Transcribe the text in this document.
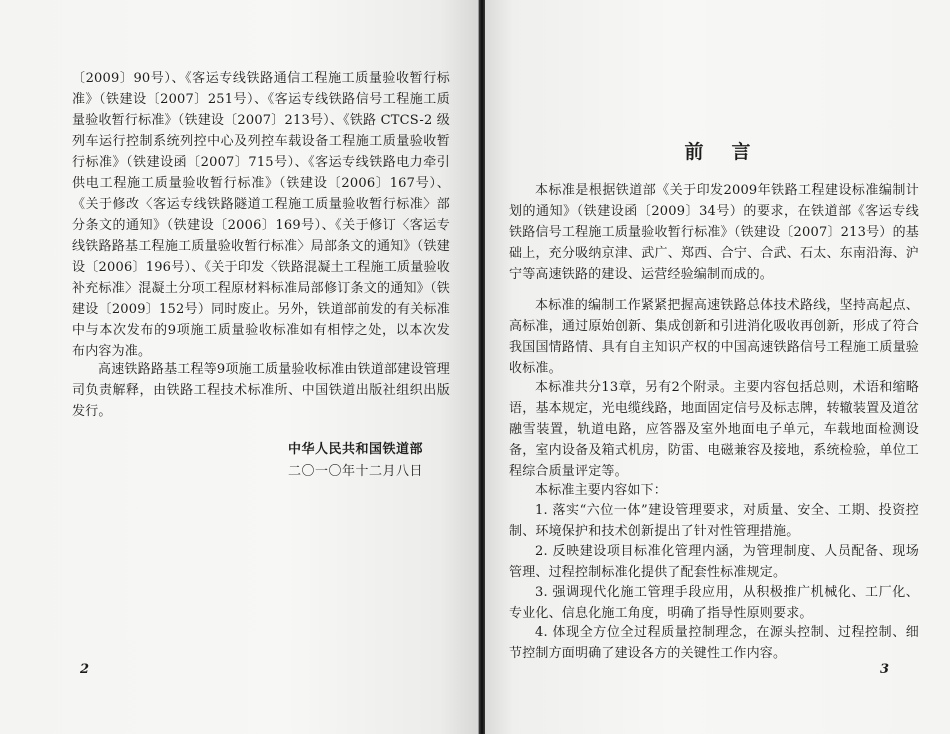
〔2009〕90号）、《客运专线铁路通信工程施工质量验收暂行标准》（铁建设〔2007〕251号）、《客运专线铁路信号工程施工质量验收暂行标准》（铁建设〔2007〕213号）、《铁路 CTCS-2 级列车运行控制系统列控中心及列控车载设备工程施工质量验收暂行标准》（铁建设函〔2007〕715号）、《客运专线铁路电力牵引供电工程施工质量验收暂行标准》（铁建设〔2006〕167号）、《关于修改〈客运专线铁路隧道工程施工质量验收暂行标准〉部分条文的通知》（铁建设〔2006〕169号）、《关于修订〈客运专线铁路路基工程施工质量验收暂行标准〉局部条文的通知》（铁建设〔2006〕196号）、《关于印发〈铁路混凝土工程施工质量验收补充标准〉混凝土分项工程原材料标准局部修订条文的通知》（铁建设〔2009〕152号）同时废止。另外，铁道部前发的有关标准中与本次发布的9项施工质量验收标准如有相悖之处，以本次发布内容为准。

高速铁路路基工程等9项施工质量验收标准由铁道部建设管理司负责解释，由铁路工程技术标准所、中国铁道出版社组织出版发行。

中华人民共和国铁道部

二〇一〇年十二月八日

2

前言

本标准是根据铁道部《关于印发2009年铁路工程建设标准编制计划的通知》（铁建设函〔2009〕34号）的要求，在铁道部《客运专线铁路信号工程施工质量验收暂行标准》（铁建设〔2007〕213号）的基础上，充分吸纳京津、武广、郑西、合宁、合武、石太、东南沿海、沪宁等高速铁路的建设、运营经验编制而成的。

本标准的编制工作紧紧把握高速铁路总体技术路线，坚持高起点、高标准，通过原始创新、集成创新和引进消化吸收再创新，形成了符合我国国情路情、具有自主知识产权的中国高速铁路信号工程施工质量验收标准。

本标准共分13章，另有2个附录。主要内容包括总则，术语和缩略语，基本规定，光电缆线路，地面固定信号及标志牌，转辙装置及道岔融雪装置，轨道电路，应答器及室外地面电子单元，车载地面检测设备，室内设备及箱式机房，防雷、电磁兼容及接地，系统检验，单位工程综合质量评定等。

本标准主要内容如下：

1. 落实“六位一体”建设管理要求，对质量、安全、工期、投资控制、环境保护和技术创新提出了针对性管理措施。

2. 反映建设项目标准化管理内涵，为管理制度、人员配备、现场管理、过程控制标准化提供了配套性标准规定。

3. 强调现代化施工管理手段应用，从积极推广机械化、工厂化、专业化、信息化施工角度，明确了指导性原则要求。

4. 体现全方位全过程质量控制理念，在源头控制、过程控制、细节控制方面明确了建设各方的关键性工作内容。

3
